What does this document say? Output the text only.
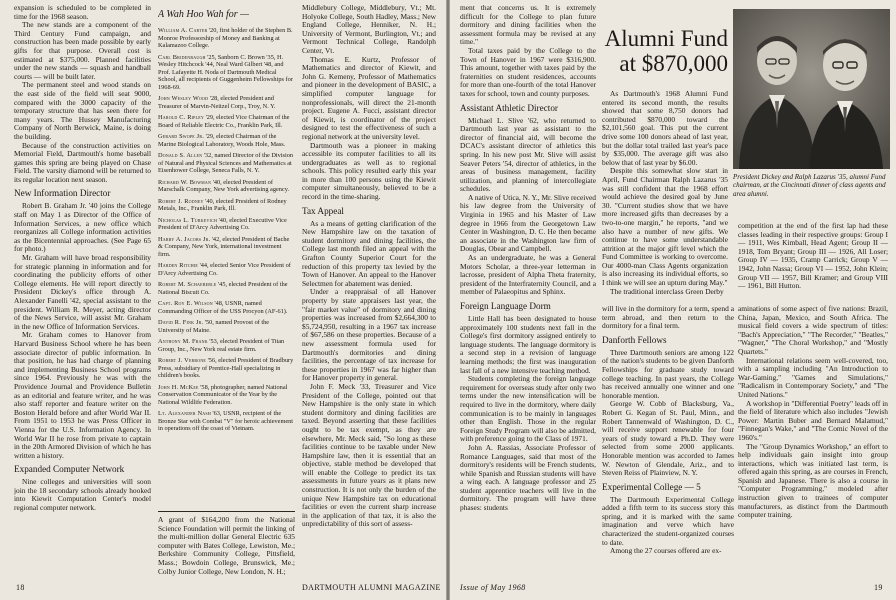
expansion is scheduled to be completed in time for the 1968 season.

The new stands are a component of the Third Century Fund campaign, and construction has been made possible by early gifts for that purpose. Overall cost is estimated at $375,000. Planned facilities under the new stands — squash and handball courts — will be built later.

The permanent steel and wood stands on the east side of the field will seat 9000, compared with the 3000 capacity of the temporary structure that has seen there for many years. The Hussey Manufacturing Company of North Berwick, Maine, is doing the building.

Because of the construction activities on Memorial Field, Dartmouth's home baseball games this spring are being played on Chase Field. The varsity diamond will be returned to its regular location next season.

New Information Director

Robert B. Graham Jr. '40 joins the College staff on May 1 as Director of the Office of Information Services, a new office which reorganizes all College information activities as the Bicentennial approaches. (See Page 65 for photo.)

Mr. Graham will have broad responsibility for strategic planning in information and for coordinating the publicity efforts of other College elements. He will report directly to President Dickey's office through A. Alexander Fanelli '42, special assistant to the president. William R. Meyer, acting director of the News Service, will assist Mr. Graham in the new Office of Information Services.

Mr. Graham comes to Hanover from Harvard Business School where he has been associate director of public information. In that position, he has had charge of planning and implementing Business School programs since 1964. Previously he was with the Providence Journal and Providence Bulletin as an editorial and feature writer, and he was also staff reporter and feature writer on the Boston Herald before and after World War II. From 1951 to 1953 he was Press Officer in Vienna for the U.S. Information Agency. In World War II he rose from private to captain in the 20th Armored Division of which he has written a history.

Expanded Computer Network

Nine colleges and universities will soon join the 18 secondary schools already hooked into Kiewit Computation Center's model regional computer network.

A Wah Hoo Wah for —
William A. Carter '20, first holder of the Stephen B. Monroe Professorship of Money and Banking at Kalamazoo College.
Carl Bridenbaugh '25, Sanborn C. Brown '35, H. Wesley Hitchcock '44, Neal Ward Gilbert '48, and Prof. Lafayette H. Noda of Dartmouth Medical School, all recipients of Guggenheim Fellowships for 1968-69.
John Wesley Wood '28, elected President and Treasurer of Marvin-Neitzel Corp., Troy, N. Y.
Harold C. Ripley '29, elected Vice Chairman of the Board of Reliable Electric Co., Franklin Park, Ill.
Gerard Swope Jr. '29, elected Chairman of the Marine Biological Laboratory, Woods Hole, Mass.
Donald S. Allen '32, named Director of the Division of Natural and Physical Sciences and Mathematics at Eisenhower College, Seneca Falls, N. Y.
Richard W. Bowman '40, elected President of Marschalk Company, New York advertising agency.
Robert J. Rodney '40, elected President of Rodney Metals, Inc., Franklin Park, Ill.
Nicholas L. Turkevich '40, elected Executive Vice President of D'Arcy Advertising Co.
Harry A. Jacobs Jr. '42, elected President of Bache & Company, New York, international investment firm.
Harden Ritchie '44, elected Senior Vice President of D'Arcy Advertising Co.
Robert M. Schaeberle '45, elected President of the National Biscuit Co.
Capt. Roy E. Wilson '48, USNR, named Commanding Officer of the USS Procyon (AF-61).
David R. Fink Jr. '50, named Provost of the University of Maine.
Anthony M. Frank '53, elected President of Titan Group, Inc., New York real estate firm.
Robert J. Verrone '56, elected President of Bradbury Press, subsidiary of Prentice-Hall specializing in children's books.
John H. McKee '58, photographer, named National Conservation Communicator of the Year by the National Wildlife Federation.
Lt. Alexander Nash '63, USNR, recipient of the Bronze Star with Combat "V" for heroic achievement in operations off the coast of Vietnam.

A grant of $164,200 from the National Science Foundation will permit the linking of the multi-million dollar General Electric 635 computer with Bates College, Lewiston, Me.; Berkshire Community College, Pittsfield, Mass.; Bowdoin College, Brunswick, Me.; Colby Junior College, New London, N. H.;

Middlebury College, Middlebury, Vt.; Mt. Holyoke College, South Hadley, Mass.; New England College, Henniker, N. H.; University of Vermont, Burlington, Vt.; and Vermont Technical College, Randolph Center, Vt.

Thomas E. Kurtz, Professor of Mathematics and director of Kiewit, and John G. Kemeny, Professor of Mathematics and pioneer in the development of BASIC, a simplified computer language for nonprofessionals, will direct the 21-month project. Eugene A. Fucci, assistant director of Kiewit, is coordinator of the project designed to test the effectiveness of such a regional network at the university level.

Dartmouth was a pioneer in making accessible its computer facilities to all its undergraduates as well as to regional schools. This policy resulted early this year in more than 100 persons using the Kiewit computer simultaneously, believed to be a record in the time-sharing.

Tax Appeal

As a means of getting clarification of the New Hampshire law on the taxation of student dormitory and dining facilities, the College last month filed an appeal with the Grafton County Superior Court for the reduction of this property tax levied by the Town of Hanover. An appeal to the Hanover Selectmen for abatement was denied.

Under a reappraisal of all Hanover property by state appraisers last year, the "fair market value" of dormitory and dining properties was increased from $2,664,300 to $5,724,950, resulting in a 1967 tax increase of $67,586 on these properties. Because of a new assessment formula used for Dartmouth's dormitories and dining facilities, the percentage of tax increase for these properties in 1967 was far higher than for Hanover property in general.

John F. Meck '33, Treasurer and Vice President of the College, pointed out that New Hampshire is the only state in which student dormitory and dining facilities are taxed. Beyond asserting that these facilities ought to be tax exempt, as they are elsewhere, Mr. Meck said, "So long as these facilities continue to be taxable under New Hampshire law, then it is essential that an objective, stable method be developed that will enable the College to predict its tax assessments in future years as it plans new construction. It is not only the burden of the unique New Hampshire tax on educational facilities or even the current sharp increase in the application of that tax, it is also the unpredictability of this sort of assess-

18	DARTMOUTH ALUMNI MAGAZINE

ment that concerns us. It is extremely difficult for the College to plan future dormitory and dining facilities when the assessment formula may be revised at any time."

Total taxes paid by the College to the Town of Hanover in 1967 were $316,900. This amount, together with taxes paid by the fraternities on student residences, accounts for more than one-fourth of the total Hanover taxes for school, town and county purposes.

Assistant Athletic Director

Michael L. Slive '62, who returned to Dartmouth last year as assistant to the director of financial aid, will become the DCAC's assistant director of athletics this spring. In his new post Mr. Slive will assist Seaver Peters '54, director of athletics, in the areas of business management, facility utilization, and planning of intercollegiate schedules.

A native of Utica, N. Y., Mr. Slive received his law degree from the University of Virginia in 1965 and his Master of Law degree in 1966 from the Georgetown Law Center in Washington, D. C. He then became an associate in the Washington law firm of Douglas, Obear and Campbell.

As an undergraduate, he was a General Motors Scholar, a three-year letterman in lacrosse, president of Alpha Theta fraternity, president of the Interfraternity Council, and a member of Palaeopitus and Sphinx.

Foreign Language Dorm

Little Hall has been designated to house approximately 100 students next fall in the College's first dormitory assigned entirely to language students. The language dormitory is a second step in a revision of language learning methods; the first was inauguration last fall of a new intensive teaching method.

Students completing the foreign language requirement for overseas study after only two terms under the new intensification will be required to live in the dormitory, where daily communication is to be mainly in languages other than English. Those in the regular Foreign Study Program will also be admitted, with preference going to the Class of 1971.

John A. Rassias, Associate Professor of Romance Languages, said that most of the dormitory's residents will be French students, while Spanish and Russian students will have a wing each. A language professor and 25 student apprentice teachers will live in the dormitory. The program will have three phases: students

Alumni Fund
at $870,000

As Dartmouth's 1968 Alumni Fund entered its second month, the results showed that some 8,750 donors had contributed $870,000 toward the $2,101,560 goal. This put the current drive some 100 donors ahead of last year, but the dollar total trailed last year's pace by $35,000. The average gift was also below that of last year by $6.00.

Despite this somewhat slow start in April, Fund Chairman Ralph Lazarus '35 was still confident that the 1968 effort would achieve the desired goal by June 30. "Current studies show that we have more increased gifts than decreases by a two-to-one margin," he reports, "and we also have a number of new gifts. We continue to have some understandable attrition at the major gift level which the Fund Committee is working to overcome. Our 4000-man Class Agents organization is also increasing its individual efforts, so I think we will see an upturn during May."

The traditional interclass Green Derby

will live in the dormitory for a term, spend a term abroad, and then return to the dormitory for a final term.

Danforth Fellows

Three Dartmouth seniors are among 122 of the nation's students to be given Danforth Fellowships for graduate study toward college teaching. In past years, the College has received annually one winner and one honorable mention.

George W. Cobb of Blacksburg, Va., Robert G. Kegan of St. Paul, Minn., and Robert Tannenwald of Washington, D. C., will receive support renewable for four years of study toward a Ph.D. They were selected from some 2000 applicants. Honorable mention was accorded to James W. Newton of Glendale, Ariz., and to Steven Reiss of Plainview, N. Y.

Experimental College — 5

The Dartmouth Experimental College added a fifth term to its success story this spring, and it is marked with the same imagination and verve which have characterized the student-organized courses to date.

Among the 27 courses offered are ex-

competition at the end of the first lap had these classes leading in their respective groups: Group I — 1911, Wes Kimball, Head Agent; Group II — 1918, Tom Bryant; Group III — 1926, All Loser; Group IV — 1935, Cramp Carrick; Group V — 1942, John Nassa; Group VI — 1952, John Klein; Group VII — 1957, Bill Kramer; and Group VIII — 1961, Bill Hutton.

aminations of some aspect of five nations: Brazil, China, Japan, Mexico, and South Africa. The musical field covers a wide spectrum of titles: "Bach's Appreciation," "The Recorder," "Beatles," "Wagner," "The Choral Workshop," and "Mostly Quartets."

International relations seem well-covered, too, with a sampling including "An Introduction to War-Gaming," "Games and Simulations," "Radicalism in Contemporary Society," and "The United Nations."

A workshop in "Differential Poetry" leads off in the field of literature which also includes "Jewish Power: Martin Buber and Bernard Malamud," "Finnegan's Wake," and "The Comic Novel of the 1960's."

The "Group Dynamics Workshop," an effort to help individuals gain insight into group interactions, which was initiated last term, is offered again this spring, as are courses in French, Spanish and Japanese. There is also a course in "Computer Programming," modeled after instruction given to trainees of computer manufacturers, as distinct from the Dartmouth computer training.

Issue of May 1968	19
President Dickey and Ralph Lazarus '35, alumni Fund chairman, at the Cincinnati dinner of class agents and area alumni.
